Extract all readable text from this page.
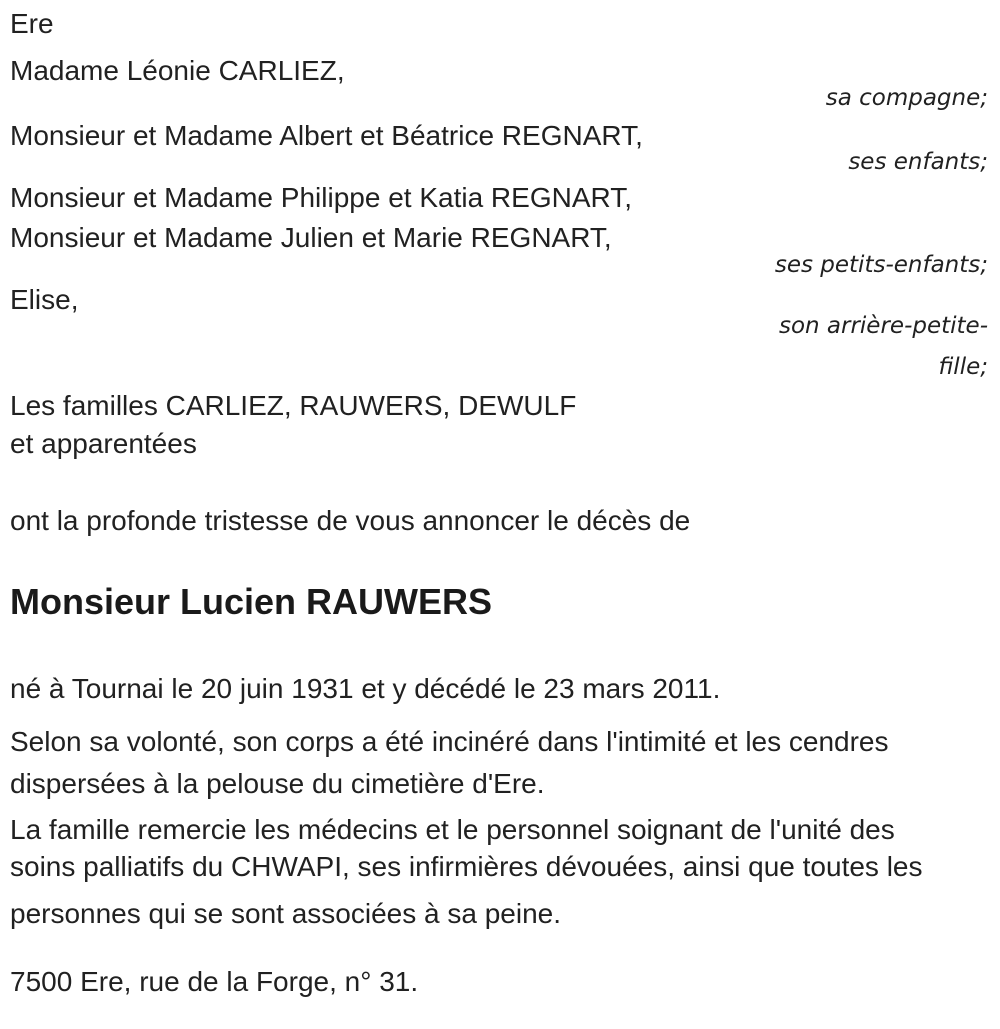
Ere
Madame Léonie CARLIEZ,
sa compagne;
Monsieur et Madame Albert et Béatrice REGNART,
ses enfants;
Monsieur et Madame Philippe et Katia REGNART,
Monsieur et Madame Julien et Marie REGNART,
ses petits-enfants;
Elise,
son arrière-petite-
fille;
Les familles CARLIEZ, RAUWERS, DEWULF
et apparentées
ont la profonde tristesse de vous annoncer le décès de
Monsieur Lucien RAUWERS
né à Tournai le 20 juin 1931 et y décédé le 23 mars 2011.
Selon sa volonté, son corps a été incinéré dans l'intimité et les cendres
dispersées à la pelouse du cimetière d'Ere.
La famille remercie les médecins et le personnel soignant de l'unité des
soins palliatifs du CHWAPI, ses infirmières dévouées, ainsi que toutes les
personnes qui se sont associées à sa peine.
7500 Ere, rue de la Forge, n° 31.
